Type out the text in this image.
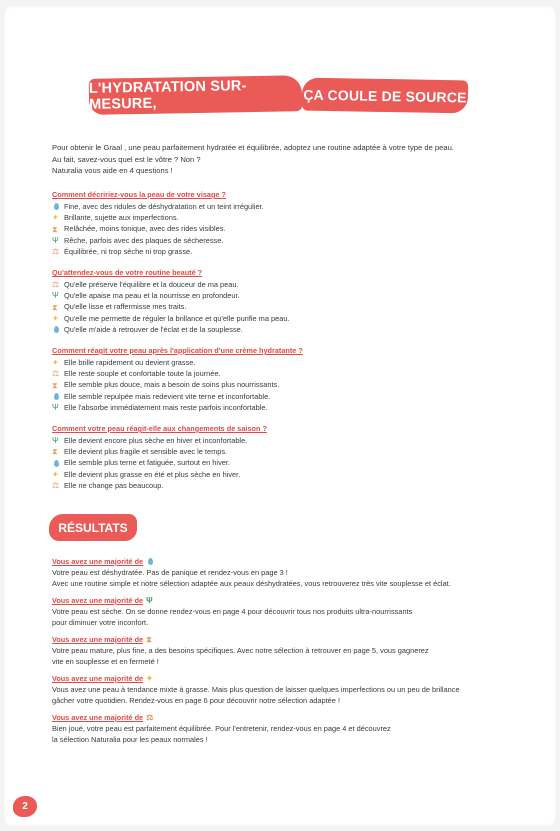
L'HYDRATATION SUR-MESURE,	ÇA COULE DE SOURCE
Pour obtenir le Graal , une peau parfaitement hydratée et équilibrée, adoptez une routine adaptée à votre type de peau.
Au fait, savez-vous quel est le vôtre ? Non ?
Naturalia vous aide en 4 questions !
Comment décririez-vous la peau de votre visage ?
Fine, avec des ridules de déshydratation et un teint irrégulier.
✦ Brillante, sujette aux imperfections.
⧗ Relâchée, moins tonique, avec des rides visibles.
Ψ Rêche, parfois avec des plaques de sécheresse.
⚖ Équilibrée, ni trop sèche ni trop grasse.
Qu'attendez-vous de votre routine beauté ?
⚖ Qu'elle préserve l'équilibre et la douceur de ma peau.
Ψ Qu'elle apaise ma peau et la nourrisse en profondeur.
⧗ Qu'elle lisse et raffermisse mes traits.
✦ Qu'elle me permette de réguler la brillance et qu'elle purifie ma peau.
Qu'elle m'aide à retrouver de l'éclat et de la souplesse.
Comment réagit votre peau après l'application d'une crème hydratante ?
✦ Elle brille rapidement ou devient grasse.
⚖ Elle reste souple et confortable toute la journée.
⧗ Elle semble plus douce, mais a besoin de soins plus nourrissants.
Elle semble repulpée mais redevient vite terne et inconfortable.
Ψ Elle l'absorbe immédiatement mais reste parfois inconfortable.
Comment votre peau réagit-elle aux changements de saison ?
Ψ Elle devient encore plus sèche en hiver et inconfortable.
⧗ Elle devient plus fragile et sensible avec le temps.
Elle semble plus terne et fatiguée, surtout en hiver.
✦ Elle devient plus grasse en été et plus sèche en hiver.
⚖ Elle ne change pas beaucoup.
RÉSULTATS
Vous avez une majorité de
Votre peau est déshydratée. Pas de panique et rendez-vous en page 3 !
Avec une routine simple et notre sélection adaptée aux peaux déshydratées, vous retrouverez très vite souplesse et éclat.
Vous avez une majorité de Ψ
Votre peau est sèche. On se donne rendez-vous en page 4 pour découvrir tous nos produits ultra-nourrissants
pour diminuer votre inconfort.
Vous avez une majorité de ⧗
Votre peau mature, plus fine, a des besoins spécifiques. Avec notre sélection à retrouver en page 5, vous gagnerez
vite en souplesse et en fermeté !
Vous avez une majorité de ✦
Vous avez une peau à tendance mixte à grasse. Mais plus question de laisser quelques imperfections ou un peu de brillance
gâcher votre quotidien. Rendez-vous en page 6 pour découvrir notre sélection adaptée !
Vous avez une majorité de ⚖
Bien joué, votre peau est parfaitement équilibrée. Pour l'entretenir, rendez-vous en page 4 et découvrez
la sélection Naturalia pour les peaux normales !
2
